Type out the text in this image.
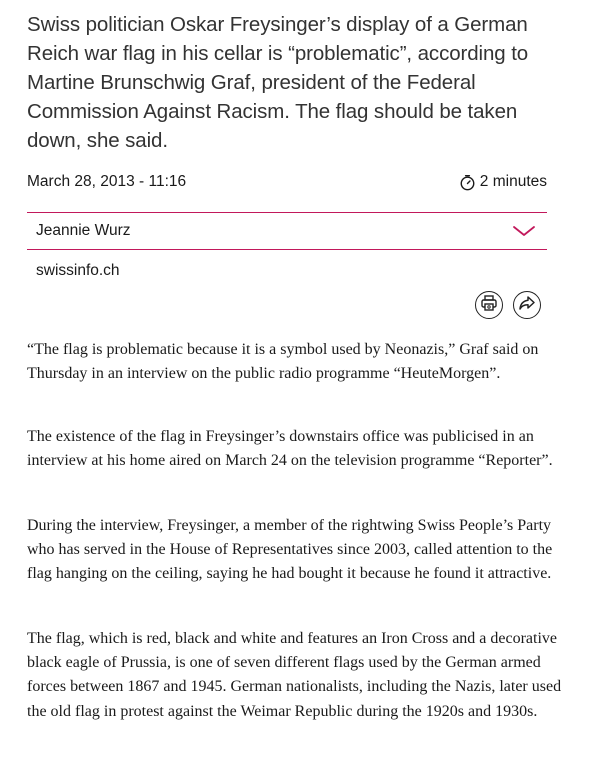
Swiss politician Oskar Freysinger’s display of a German Reich war flag in his cellar is “problematic”, according to Martine Brunschwig Graf, president of the Federal Commission Against Racism. The flag should be taken down, she said.

March 28, 2013 - 11:16	2 minutes
Jeannie Wurz
swissinfo.ch

“The flag is problematic because it is a symbol used by Neonazis,” Graf said on Thursday in an interview on the public radio programme “HeuteMorgen”.

The existence of the flag in Freysinger’s downstairs office was publicised in an interview at his home aired on March 24 on the television programme “Reporter”.

During the interview, Freysinger, a member of the rightwing Swiss People’s Party who has served in the House of Representatives since 2003, called attention to the flag hanging on the ceiling, saying he had bought it because he found it attractive.

The flag, which is red, black and white and features an Iron Cross and a decorative black eagle of Prussia, is one of seven different flags used by the German armed forces between 1867 and 1945. German nationalists, including the Nazis, later used the old flag in protest against the Weimar Republic during the 1920s and 1930s.
